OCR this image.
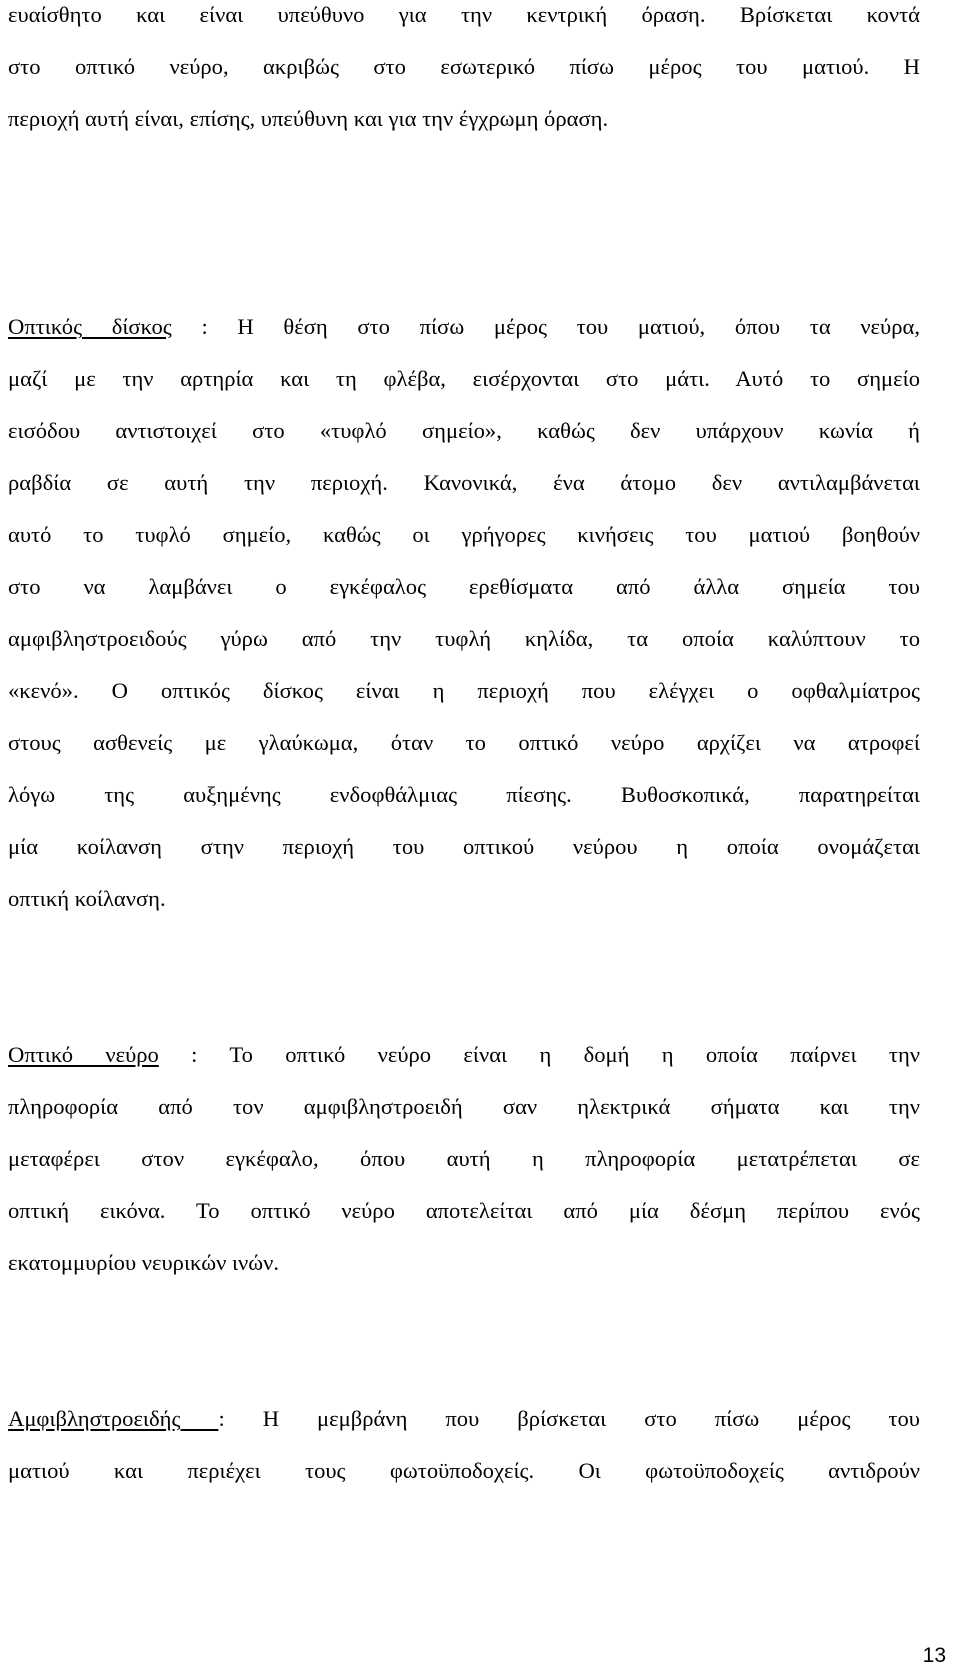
ευαίσθητο και είναι υπεύθυνο για την κεντρική όραση. Βρίσκεται κοντά
στο οπτικό νεύρο, ακριβώς στο εσωτερικό πίσω μέρος του ματιού. Η
περιοχή αυτή είναι, επίσης, υπεύθυνη και για την έγχρωμη όραση.
Οπτικός δίσκος : Η θέση στο πίσω μέρος του ματιού, όπου τα νεύρα,
μαζί με την αρτηρία και τη φλέβα, εισέρχονται στο μάτι. Αυτό το σημείο
εισόδου αντιστοιχεί στο «τυφλό σημείο», καθώς δεν υπάρχουν κωνία ή
ραβδία σε αυτή την περιοχή. Κανονικά, ένα άτομο δεν αντιλαμβάνεται
αυτό το τυφλό σημείο, καθώς οι γρήγορες κινήσεις του ματιού βοηθούν
στο να λαμβάνει ο εγκέφαλος ερεθίσματα από άλλα σημεία του
αμφιβληστροειδούς γύρω από την τυφλή κηλίδα, τα οποία καλύπτουν το
«κενό». Ο οπτικός δίσκος είναι η περιοχή που ελέγχει ο οφθαλμίατρος
στους ασθενείς με γλαύκωμα, όταν το οπτικό νεύρο αρχίζει να ατροφεί
λόγω της αυξημένης ενδοφθάλμιας πίεσης. Βυθοσκοπικά, παρατηρείται
μία κοίλανση στην περιοχή του οπτικού νεύρου η οποία ονομάζεται
οπτική κοίλανση.
Οπτικό νεύρο : Το οπτικό νεύρο είναι η δομή η οποία παίρνει την
πληροφορία από τον αμφιβληστροειδή σαν ηλεκτρικά σήματα και την
μεταφέρει στον εγκέφαλο, όπου αυτή η πληροφορία μετατρέπεται σε
οπτική εικόνα. Το οπτικό νεύρο αποτελείται από μία δέσμη περίπου ενός
εκατομμυρίου νευρικών ινών.
Αμφιβληστροειδής : Η μεμβράνη που βρίσκεται στο πίσω μέρος του
ματιού και περιέχει τους φωτοϋποδοχείς. Οι φωτοϋποδοχείς αντιδρούν
13
